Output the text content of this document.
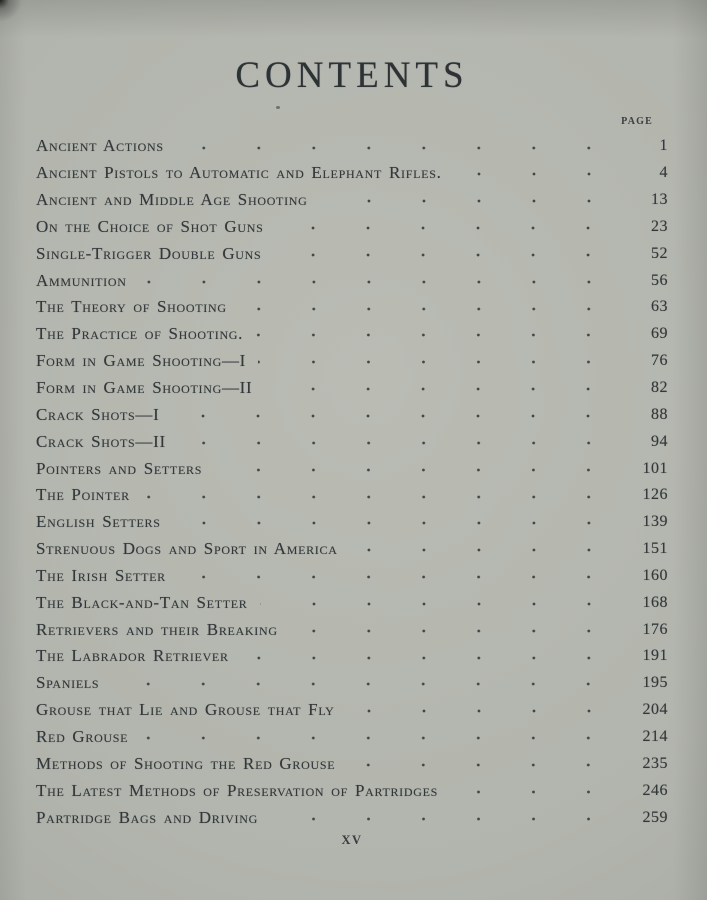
CONTENTS
PAGE
Ancient Actions	1
Ancient Pistols to Automatic and Elephant Rifles.	4
Ancient and Middle Age Shooting	13
On the Choice of Shot Guns	23
Single-Trigger Double Guns	52
Ammunition	56
The Theory of Shooting	63
The Practice of Shooting.	69
Form in Game Shooting—I	76
Form in Game Shooting—II	82
Crack Shots—I	88
Crack Shots—II	94
Pointers and Setters	101
The Pointer	126
English Setters	139
Strenuous Dogs and Sport in America	151
The Irish Setter	160
The Black-and-Tan Setter	168
Retrievers and their Breaking	176
The Labrador Retriever	191
Spaniels	195
Grouse that Lie and Grouse that Fly	204
Red Grouse	214
Methods of Shooting the Red Grouse	235
The Latest Methods of Preservation of Partridges	246
Partridge Bags and Driving	259
XV
